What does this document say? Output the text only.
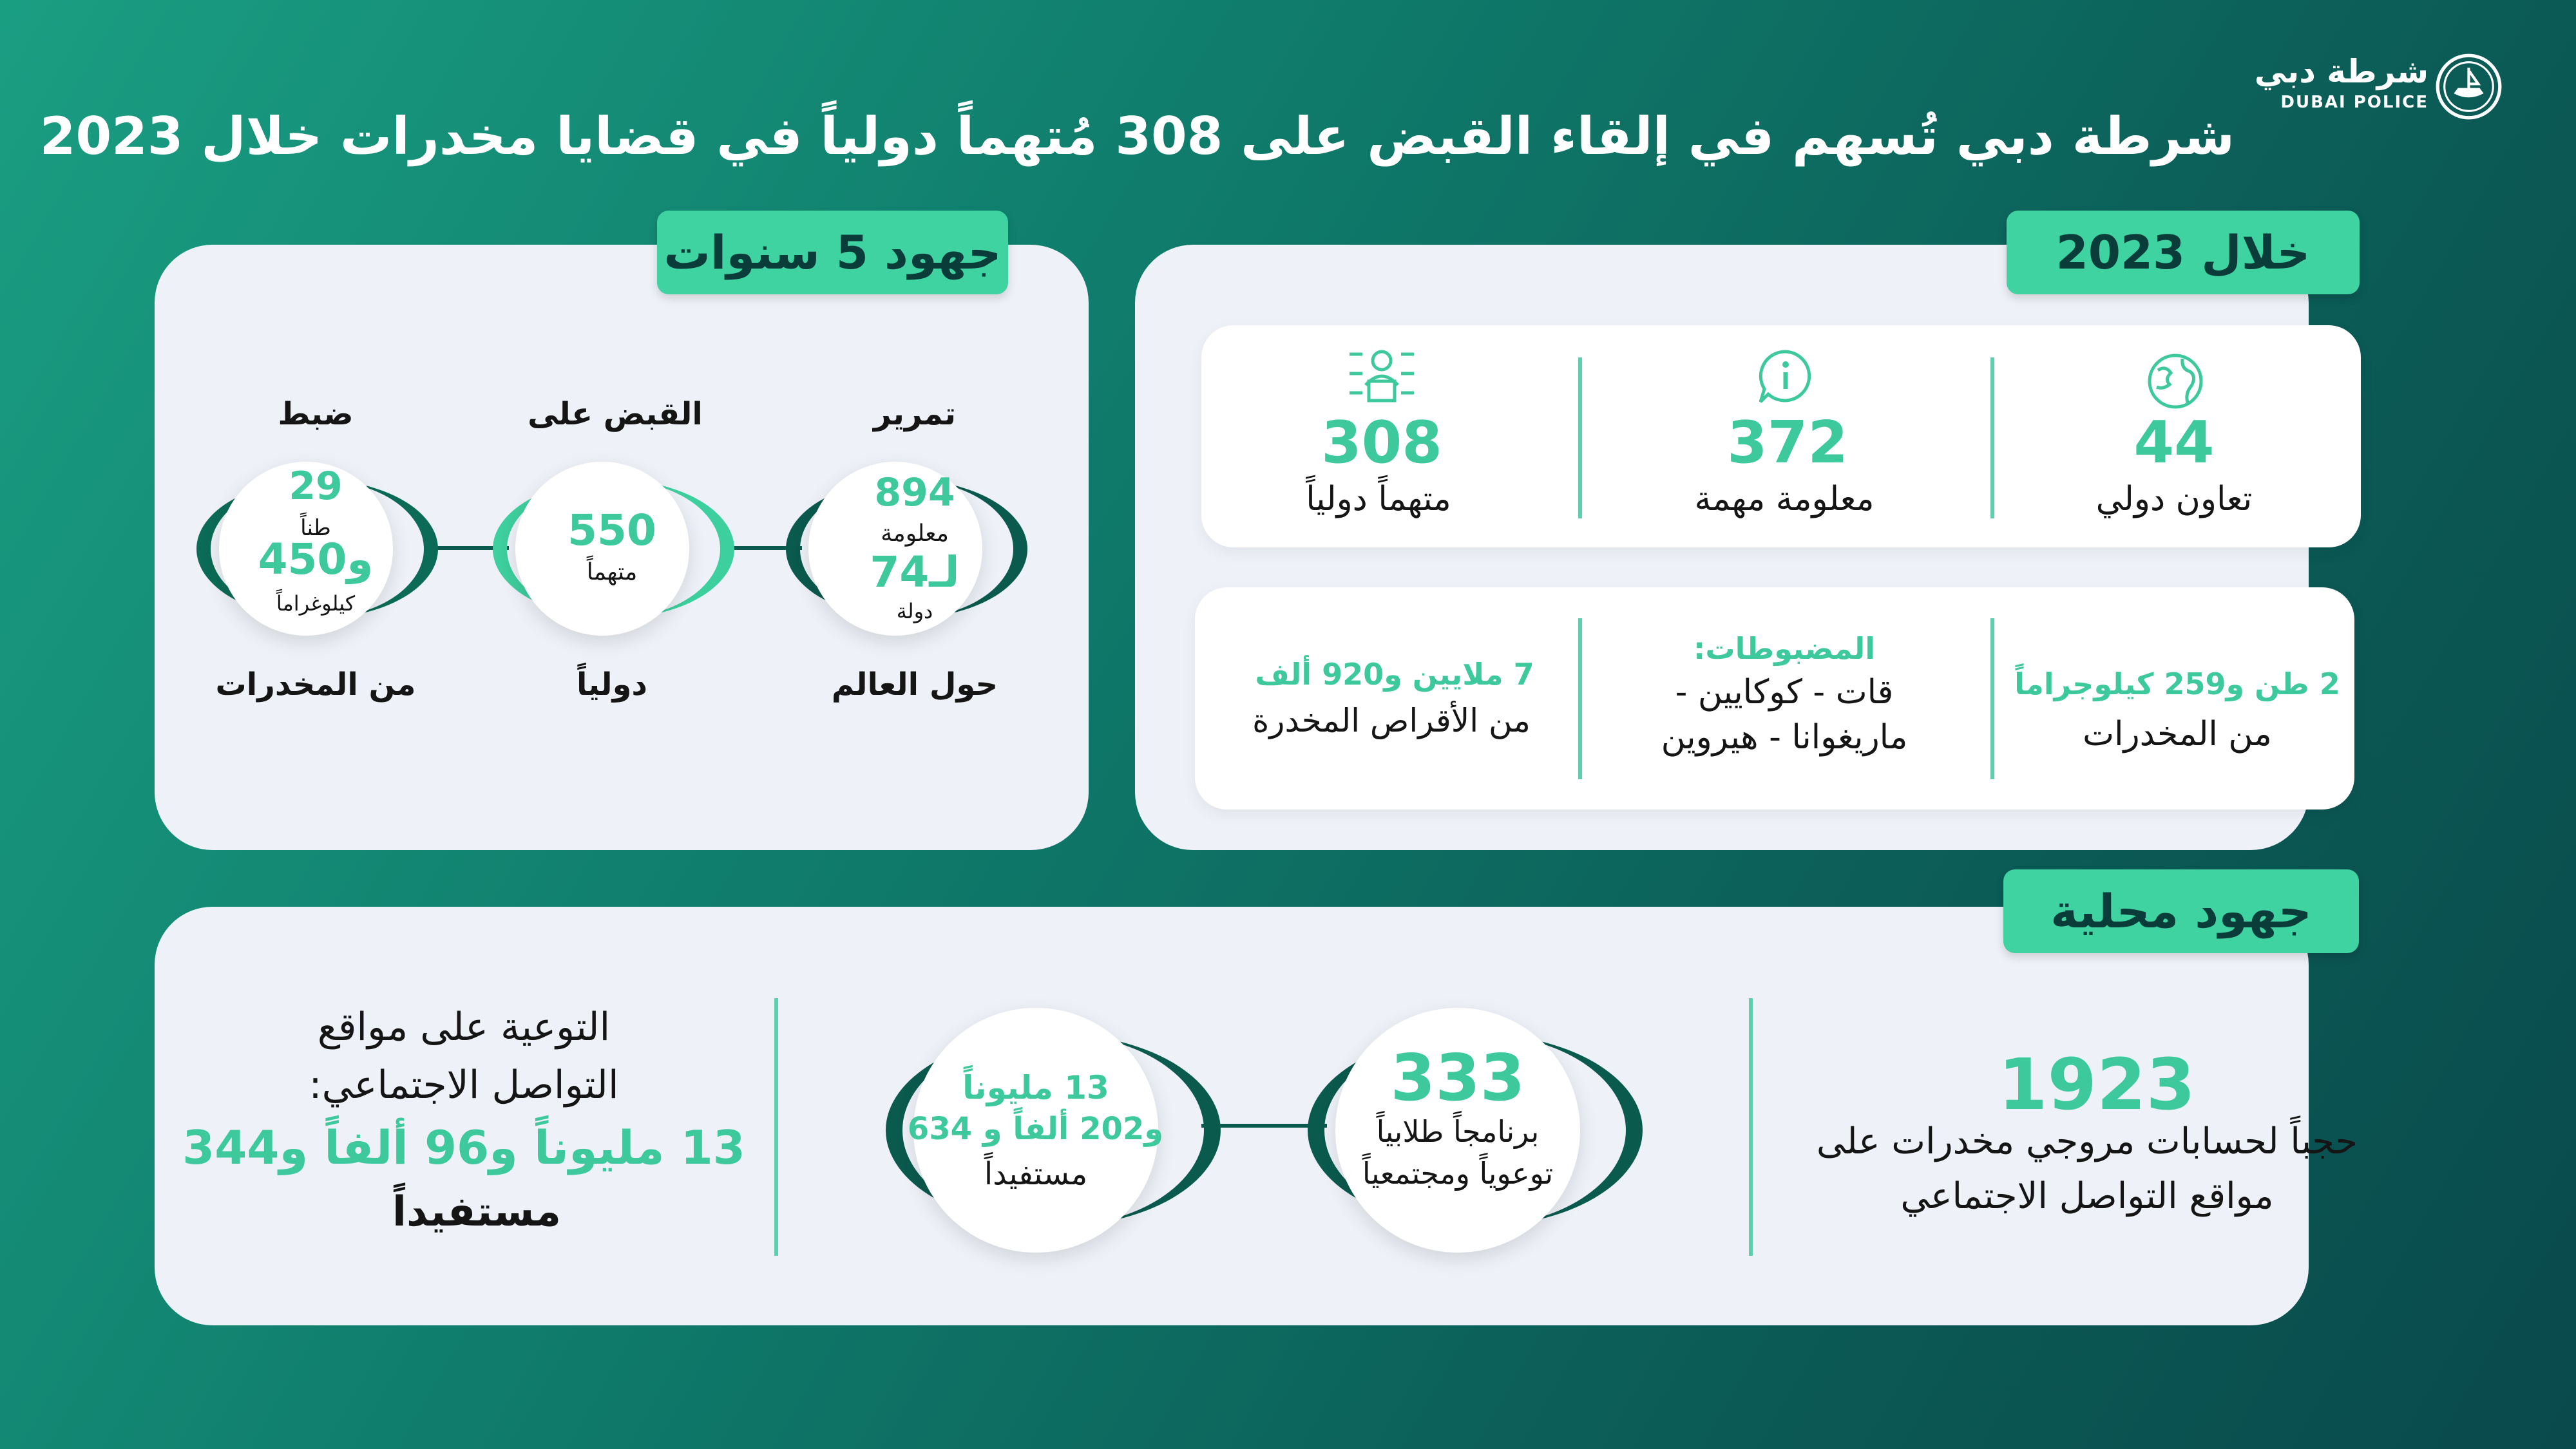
شرطة دبي
DUBAI POLICE
شرطة دبي تُسهم في إلقاء القبض على 308 مُتهماً دولياً في قضايا مخدرات خلال 2023
جهود 5 سنوات
ضبط
29
طناً
450و
كيلوغراماً
من المخدرات
القبض على
550
متهماً
دولياً
تمرير
894
معلومة
لـ74
دولة
حول العالم
خلال 2023
308
متهماً دولياً
372
معلومة مهمة
44
تعاون دولي
7 ملايين و920 ألف
من الأقراص المخدرة
المضبوطات:
قات - كوكايين -
ماريغوانا - هيروين
2 طن و259 كيلوجراماً
من المخدرات
جهود محلية
التوعية على مواقع
التواصل الاجتماعي:
13 مليوناً و96 ألفاً و344
مستفيداً
13 مليوناً
و202 ألفاً و 634
مستفيداً
333
برنامجاً طلابياً
توعوياً ومجتمعياً
1923
حجباً لحسابات مروجي مخدرات على
مواقع التواصل الاجتماعي
